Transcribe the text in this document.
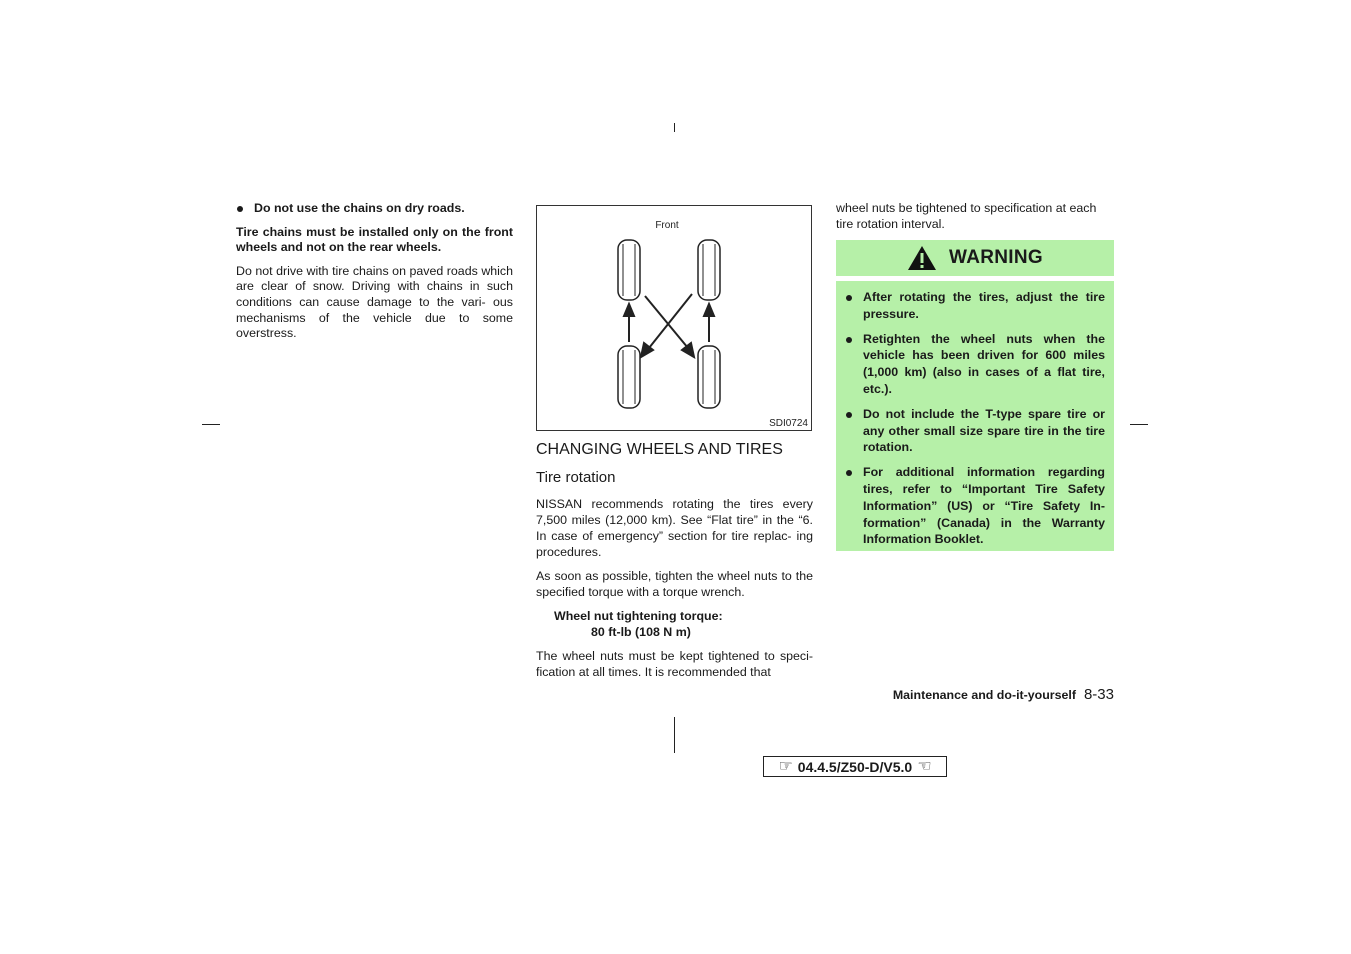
Do not use the chains on dry roads.

Tire chains must be installed only on the front wheels and not on the rear wheels.

Do not drive with tire chains on paved roads which are clear of snow. Driving with chains in such conditions can cause damage to the vari- ous mechanisms of the vehicle due to some overstress.

Front
SDI0724
CHANGING WHEELS AND TIRES
Tire rotation

NISSAN recommends rotating the tires every 7,500 miles (12,000 km). See “Flat tire” in the “6. In case of emergency” section for tire replac- ing procedures.

As soon as possible, tighten the wheel nuts to the specified torque with a torque wrench.

Wheel nut tightening torque:
80 ft-lb (108 N m)

The wheel nuts must be kept tightened to speci- fication at all times. It is recommended that

wheel nuts be tightened to specification at each tire rotation interval.

WARNING
After rotating the tires, adjust the tire pressure.
Retighten the wheel nuts when the vehicle has been driven for 600 miles (1,000 km) (also in cases of a flat tire, etc.).
Do not include the T-type spare tire or any other small size spare tire in the tire rotation.
For additional information regarding tires, refer to “Important Tire Safety Information” (US) or “Tire Safety In- formation” (Canada) in the Warranty Information Booklet.
Maintenance and do-it-yourself 8-33
☞ 04.4.5/Z50-D/V5.0 ☜
